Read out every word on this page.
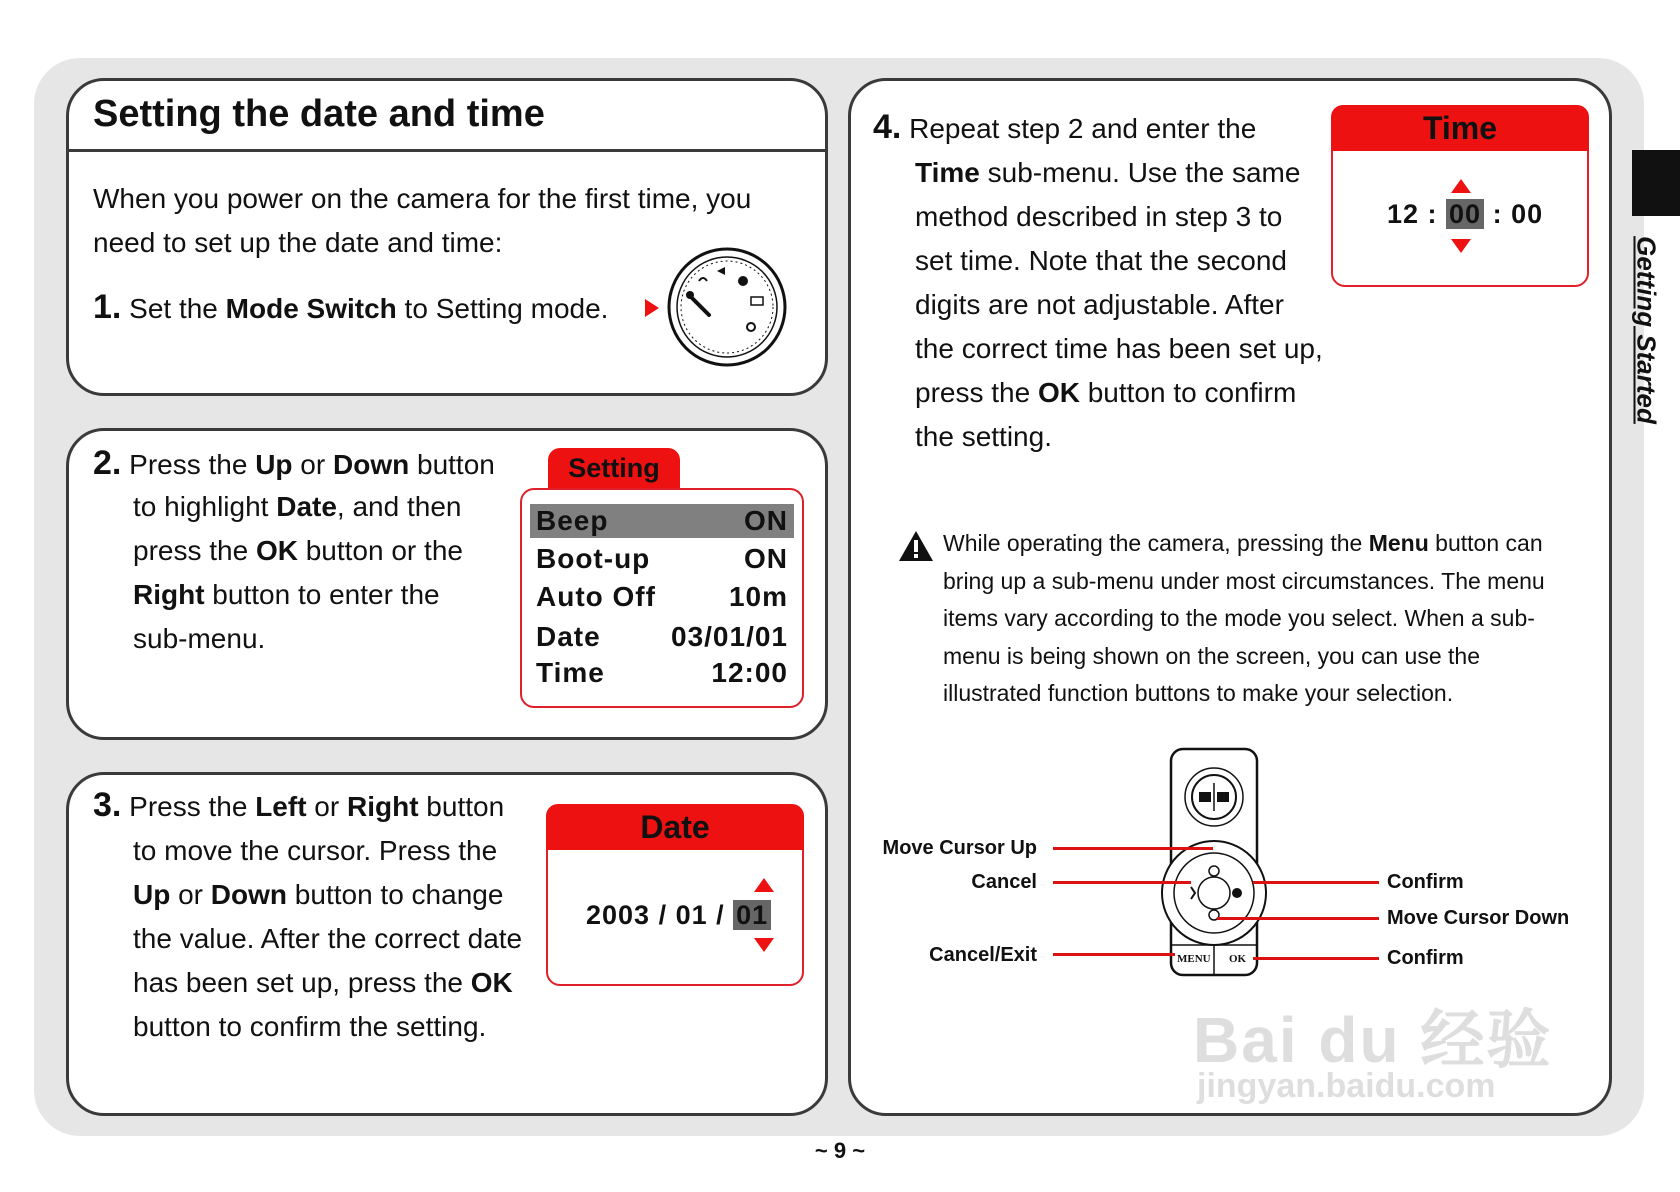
Setting the date and time
When you power on the camera for the first time, you
need to set up the date and time:
1. Set the Mode Switch to Setting mode.
2. Press the Up or Down button
to highlight Date, and then
press the OK button or the
Right button to enter the
sub-menu.
Setting
Beep	ON
Boot-up	ON
Auto Off	10m
Date	03/01/01
Time	12:00
3. Press the Left or Right button
to move the cursor. Press the
Up or Down button to change
the value. After the correct date
has been set up, press the OK
button to confirm the setting.
Date
2003 / 01 / 01
4. Repeat step 2 and enter the
Time sub-menu. Use the same
method described in step 3 to
set time. Note that the second
digits are not adjustable. After
the correct time has been set up,
press the OK button to confirm
the setting.
Time
12 : 00 : 00
While operating the camera, pressing the Menu button can
bring up a sub-menu under most circumstances. The menu
items vary according to the mode you select. When a sub-
menu is being shown on the screen, you can use the
illustrated function buttons to make your selection.
MENU OK
Move Cursor Up
Cancel
Cancel/Exit
Confirm
Move Cursor Down
Confirm
Bai du 经验
jingyan.baidu.com
Getting Started
~ 9 ~
